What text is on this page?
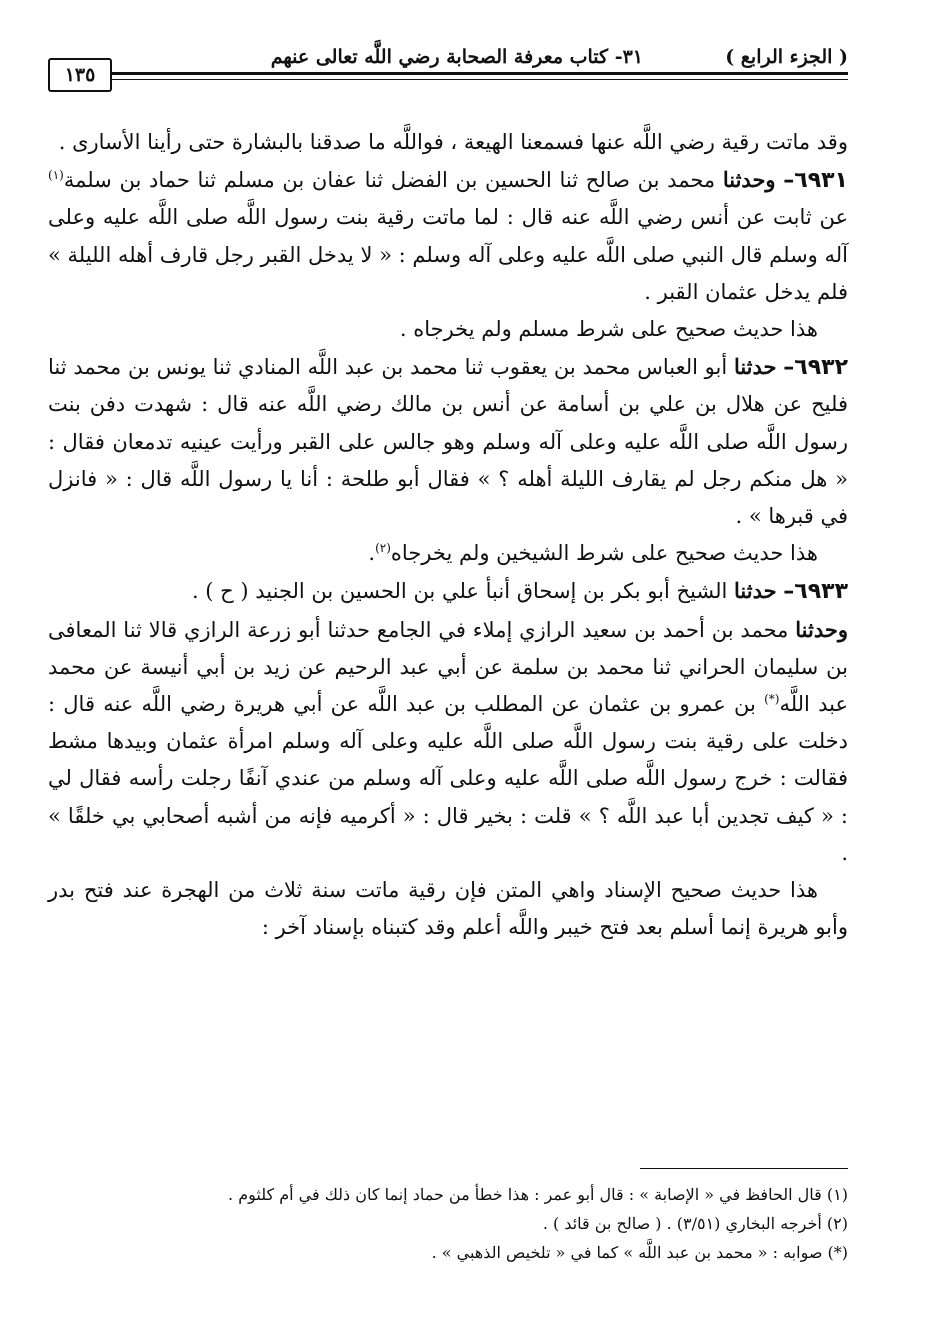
( الجزء الرابع )
٣١- كتاب معرفة الصحابة رضي اللَّه تعالى عنهم
١٣٥

وقد ماتت رقية رضي اللَّه عنها فسمعنا الهيعة ، فواللَّه ما صدقنا بالبشارة حتى رأينا الأسارى .

٦٩٣١– وحدثنا محمد بن صالح ثنا الحسين بن الفضل ثنا عفان بن مسلم ثنا حماد بن سلمة$^{(١)}$ عن ثابت عن أنس رضي اللَّه عنه قال : لما ماتت رقية بنت رسول اللَّه صلى اللَّه عليه وعلى آله وسلم قال النبي صلى اللَّه عليه وعلى آله وسلم : « لا يدخل القبر رجل قارف أهله الليلة » فلم يدخل عثمان القبر .

هذا حديث صحيح على شرط مسلم ولم يخرجاه .

٦٩٣٢– حدثنا أبو العباس محمد بن يعقوب ثنا محمد بن عبد اللَّه المنادي ثنا يونس بن محمد ثنا فليح عن هلال بن علي بن أسامة عن أنس بن مالك رضي اللَّه عنه قال : شهدت دفن بنت رسول اللَّه صلى اللَّه عليه وعلى آله وسلم وهو جالس على القبر ورأيت عينيه تدمعان فقال : « هل منكم رجل لم يقارف الليلة أهله ؟ » فقال أبو طلحة : أنا يا رسول اللَّه قال : « فانزل في قبرها » .

هذا حديث صحيح على شرط الشيخين ولم يخرجاه$^{(٢)}$.

٦٩٣٣– حدثنا الشيخ أبو بكر بن إسحاق أنبأ علي بن الحسين بن الجنيد ( ح ) .

وحدثنا محمد بن أحمد بن سعيد الرازي إملاء في الجامع حدثنا أبو زرعة الرازي قالا ثنا المعافى بن سليمان الحراني ثنا محمد بن سلمة عن أبي عبد الرحيم عن زيد بن أبي أنيسة عن محمد عبد اللَّه(*) بن عمرو بن عثمان عن المطلب بن عبد اللَّه عن أبي هريرة رضي اللَّه عنه قال : دخلت على رقية بنت رسول اللَّه صلى اللَّه عليه وعلى آله وسلم امرأة عثمان وبيدها مشط فقالت : خرج رسول اللَّه صلى اللَّه عليه وعلى آله وسلم من عندي آنفًا رجلت رأسه فقال لي : « كيف تجدين أبا عبد اللَّه ؟ » قلت : بخير قال : « أكرميه فإنه من أشبه أصحابي بي خلقًا » .

هذا حديث صحيح الإسناد واهي المتن فإن رقية ماتت سنة ثلاث من الهجرة عند فتح بدر وأبو هريرة إنما أسلم بعد فتح خيبر واللَّه أعلم وقد كتبناه بإسناد آخر :

(١) قال الحافظ في « الإصابة » : قال أبو عمر : هذا خطأ من حماد إنما كان ذلك في أم كلثوم .
(٢) أخرجه البخاري (٣/٥١) . ( صالح بن قائد ) .
(*) صوابه : « محمد بن عبد اللَّه » كما في « تلخيص الذهبي » .
